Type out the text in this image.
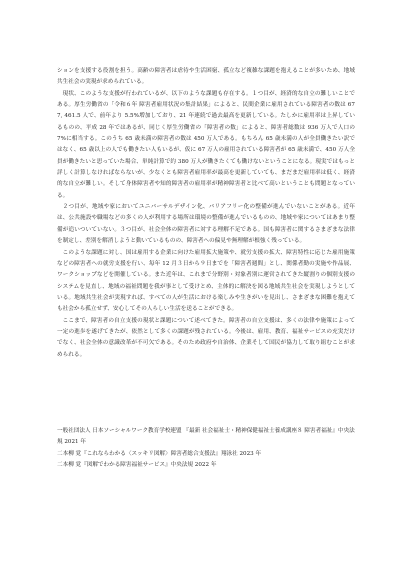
ションを支援する役割を担う。高齢の障害者は虐待や生活困窮、孤立など複雑な課題を抱えることが多いため、地域共生社会の実現が求められている。

現状、このような支援が行われているが、以下のような課題も存在する。１つ目が、経済的な自立の難しいことである。厚生労働省の「令和６年 障害者雇用状況の集計結果」によると、民間企業に雇用されている障害者の数は 677, 461.5 人で、前年より 5.5%増加しており、21 年連続で過去最高を更新している。たしかに雇用率は上昇しているものの、平成 28 年ではあるが、同じく厚生労働省の「障害者の数」によると、障害者総数は 936 万人で人口の 7%に相当する。このうち 65 歳未満の障害者の数は 450 万人である。もちろん 65 歳未満の人が全員働きたい訳ではなく、65 歳以上の人でも働きたい人もいるが、仮に 67 万人の雇用されている障害者が 65 歳未満で、450 万人全員が働きたいと思っていた場合、単純計算で約 380 万人が働きたくても働けないということになる。現実ではもっと詳しく計算しなければならないが、少なくとも障害者雇用率が最高を更新していても、まだまだ雇用率は低く、経済的な自立が難しい。そして身体障害者や知的障害者の雇用率が精神障害者と比べて高いということも問題となっている。

２つ目が、地域や家においてユニバーサルデザイン化、バリアフリー化の整備が進んでいないことがある。近年は、公共施設や職場などの多くの人が利用する場所は環境の整備が進んでいるものの、地域や家についてはあまり整備が追いついていない。３つ目が、社会全体の障害者に対する理解不足である。国も障害者に関するさまざまな法律を制定し、差別を解消しようと動いているものの、障害者への偏見や無理解が根強く残っている。

このような課題に対し、国は雇用する企業に向けた雇用拡大施策や、就労支援の拡大、障害特性に応じた雇用施策などの障害者への就労支援を行い、毎年 12 月３日から９日までを「障害者週間」とし、関係者勤の実施や作品展、ワークショップなどを開催している。また近年は、これまで分野別・対象者別に運営されてきた縦割りの個別支援のシステムを見直し、地域の福祉問題を我が事として受けとめ、主体的に解決を図る地域共生社会を実現しようとしている。地域共生社会が実現すれば、すべての人が生活における楽しみや生きがいを見出し、さまざまな困難を抱えても社会から孤立せず、安心してその人らしい生活を送ることができる。

ここまで、障害者の自立支援の現状と課題について述べてきた。障害者の自立支援は、多くの法律や施策によって一定の進歩を遂げてきたが、依然として多くの課題が残されている。今後は、雇用、教育、福祉サービスの充実だけでなく、社会全体の意識改革が不可欠である。そのため政府や自治体、企業そして国民が協力して取り組むことが求められる。

一般社団法人 日本ソーシャルワーク教育学校連盟 『最新 社会福祉士・精神保健福祉士養成講座８ 障害者福祉』中央法規 2021 年

二本柳 覚『これならわかる〈スッキリ図解〉障害者総合支援法』翔泳社 2023 年

二本柳 覚『図解でわかる障害福祉サービス』中央法規 2022 年
